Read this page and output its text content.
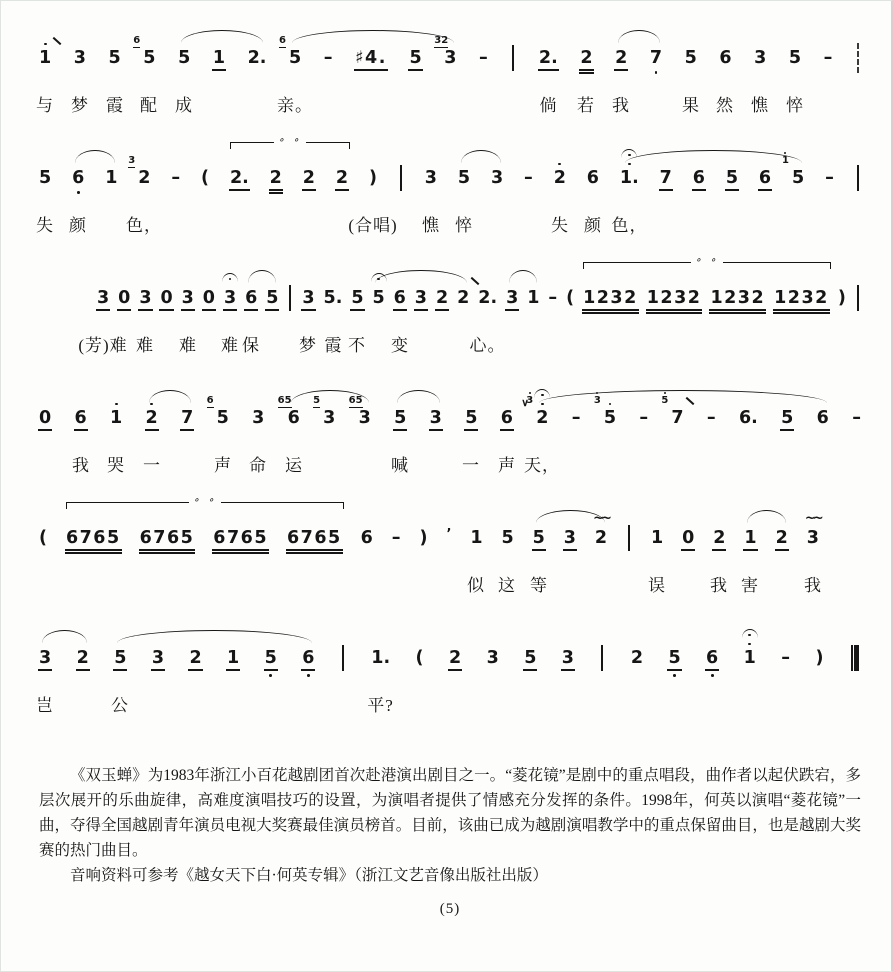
1 3 5 5
6
5 1 2. 5
6
– ♯4. 5 3
32
–	2. 2 2 7 5 6 3 5 –
与 梦 霞 配 成	亲。	倘 若 我	果 然 憔 悴
5 6 1 2
3
– ( 2. 2 2 2 )	3 5 3 – 2 6 1. 7 6 5 6 5
1
–
∘ ∘
失 颜 色，	(合唱) 憔 悴	失 颜 色，
3 0 3 0 3 0 3 6 5 3 5. 5 5 6 3 2 2 2. 3 1 – ( 1232 1232 1232 1232 )
∘ ∘
(芳)难 难 难 难 保 梦 霞 不 变	心。
0 6 1 2 7 5
6
3 6
65
3
5
3
65
5 3 5 6 2
3
∨
– 5
3
– 7
5
– 6. 5 6 –
我 哭 一	声 命 运	喊	一 声 天，
( 6765 6765 6765 6765 6 – ) ’ 1 5 5 3 2
~~
1 0 2 1 2 3
~~
∘ ∘
似 这 等	误	我 害	我
3 2 5 3 2 1 5 6	1. ( 2 3 5 3	2 5 6 1 – )
岂	公	平?

《双玉蝉》为1983年浙江小百花越剧团首次赴港演出剧目之一。“菱花镜”是剧中的重点唱段，曲作者以起伏跌宕，多层次展开的乐曲旋律，高难度演唱技巧的设置，为演唱者提供了情感充分发挥的条件。1998年，何英以演唱“菱花镜”一曲，夺得全国越剧青年演员电视大奖赛最佳演员榜首。目前，该曲已成为越剧演唱教学中的重点保留曲目，也是越剧大奖赛的热门曲目。

音响资料可参考《越女天下白·何英专辑》（浙江文艺音像出版社出版）

(5)
